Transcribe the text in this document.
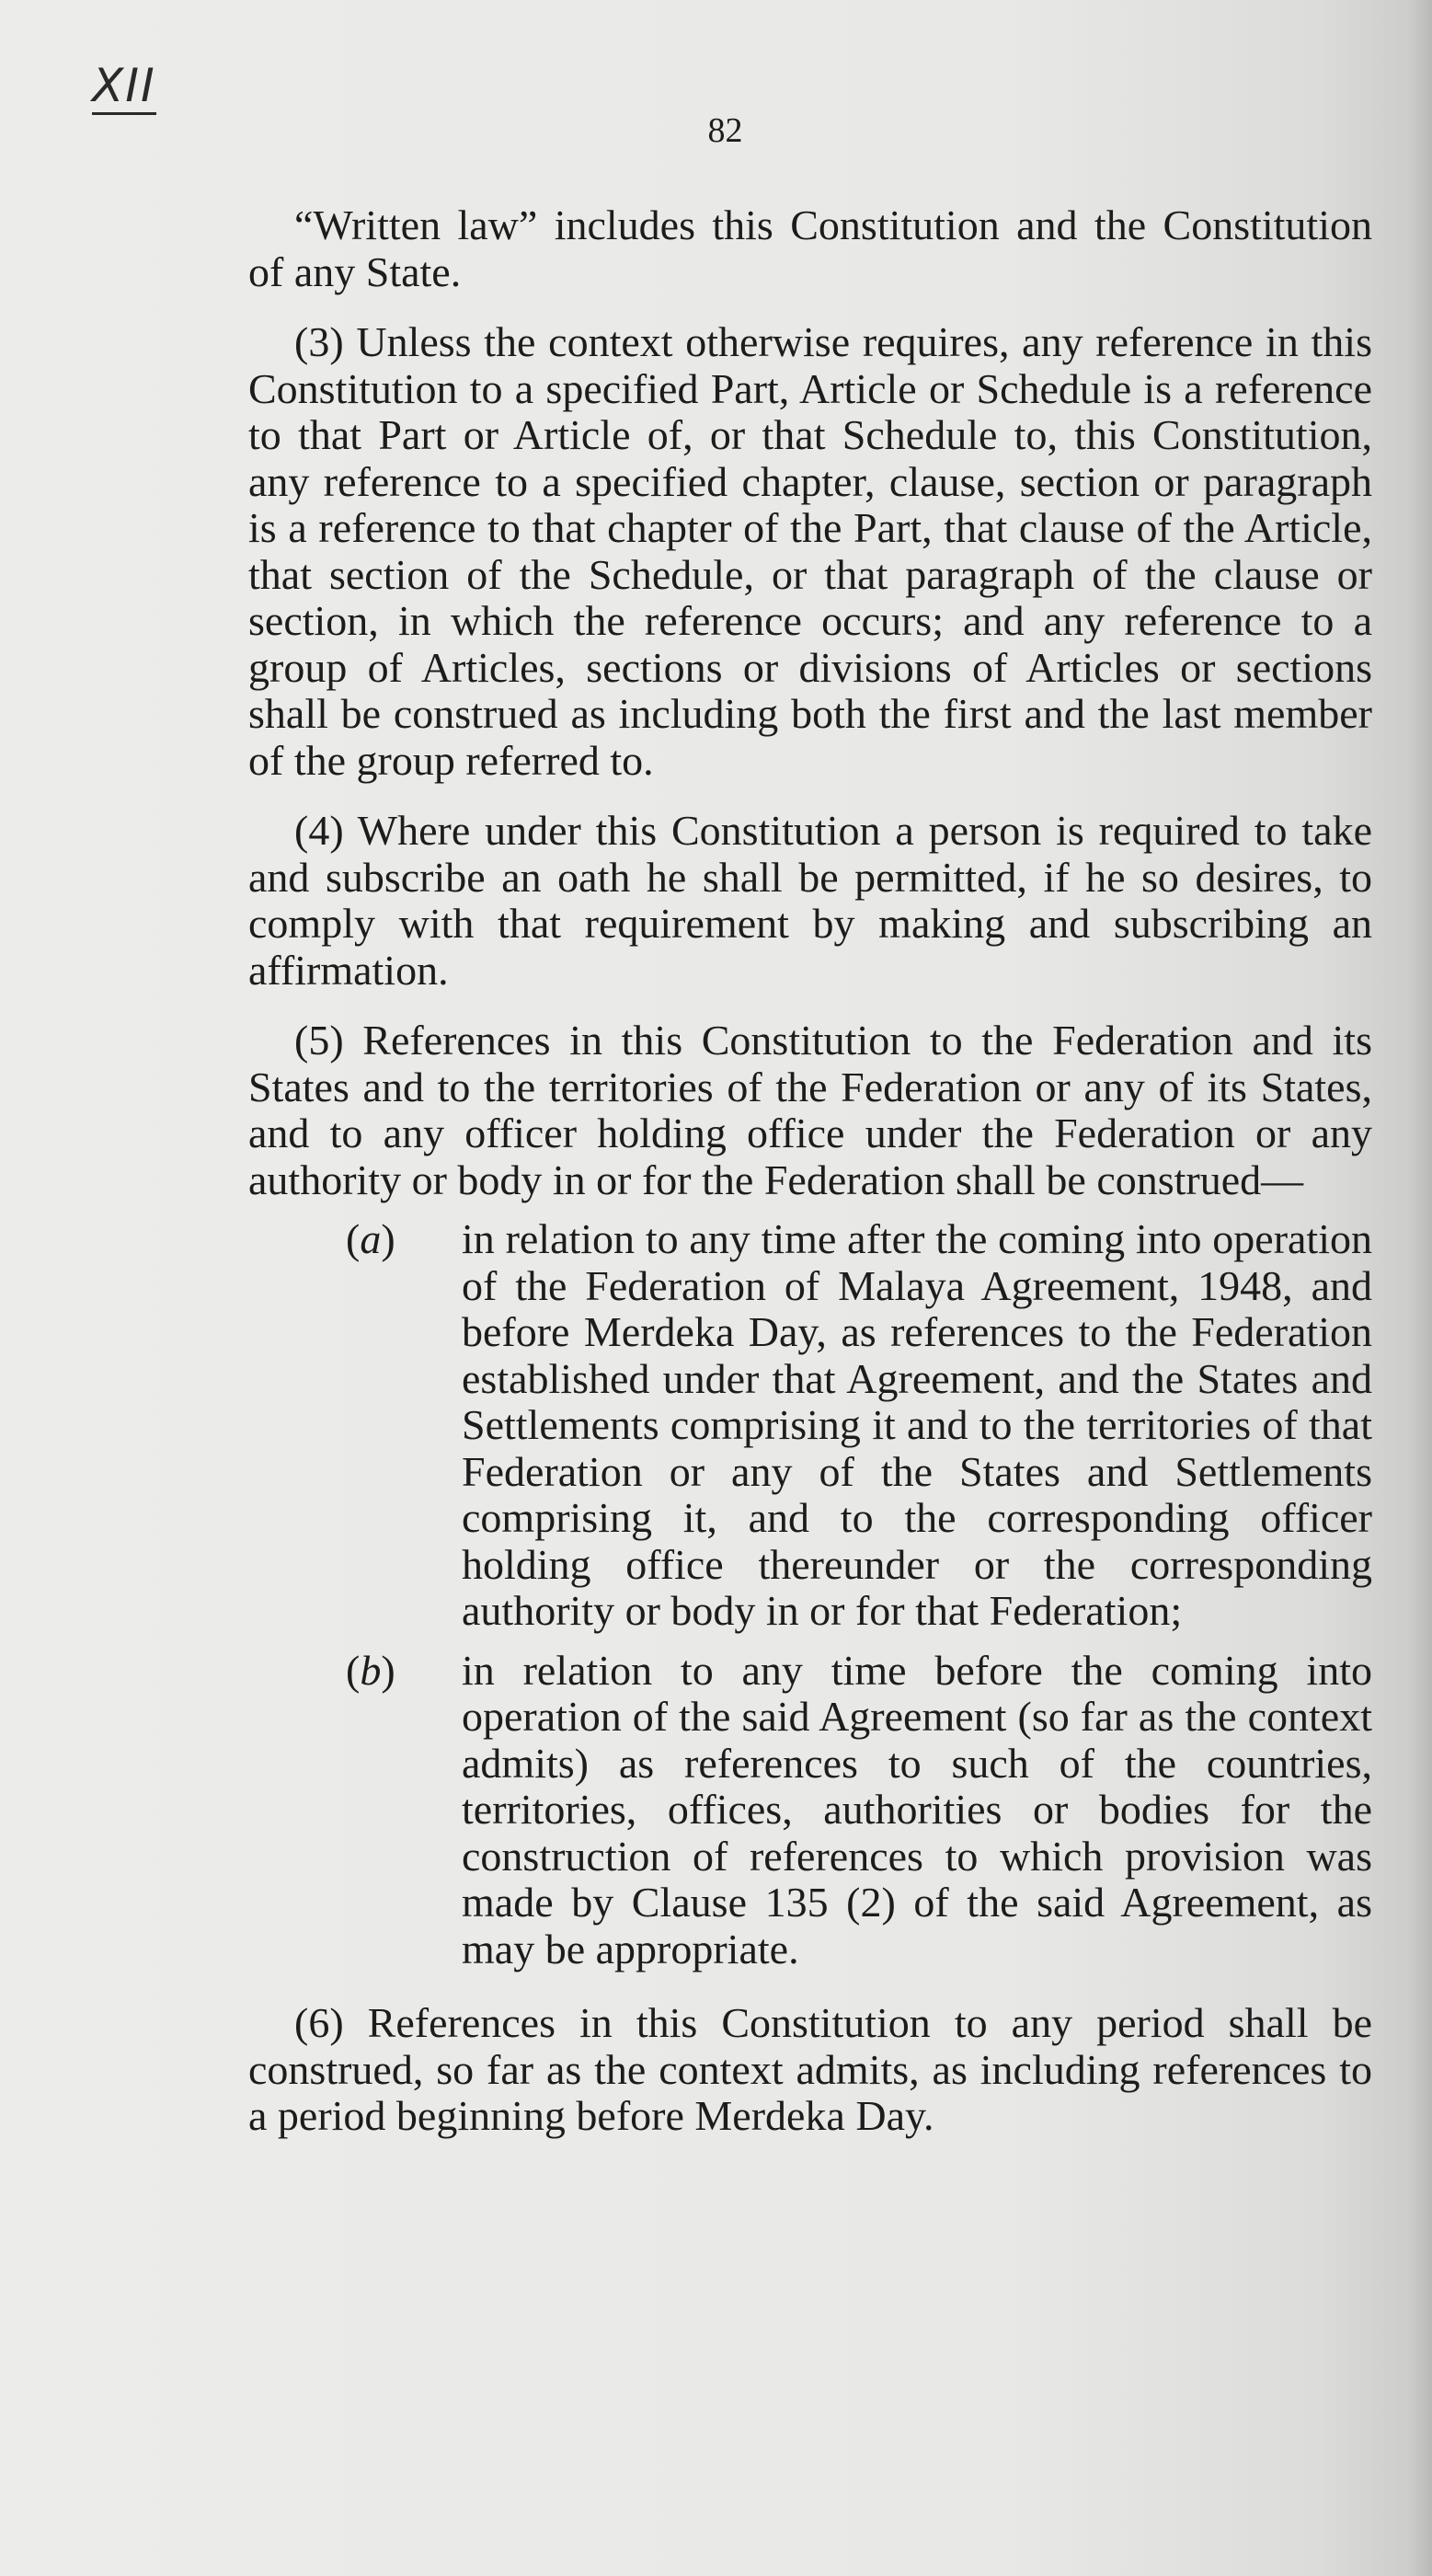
XII
82

“Written law” includes this Constitution and the Constitution of any State.

(3) Unless the context otherwise requires, any reference in this Constitution to a specified Part, Article or Schedule is a reference to that Part or Article of, or that Schedule to, this Constitution, any reference to a specified chapter, clause, section or paragraph is a reference to that chapter of the Part, that clause of the Article, that section of the Schedule, or that paragraph of the clause or section, in which the reference occurs; and any reference to a group of Articles, sections or divisions of Articles or sections shall be construed as including both the first and the last member of the group referred to.

(4) Where under this Constitution a person is required to take and subscribe an oath he shall be permitted, if he so desires, to comply with that requirement by making and subscribing an affirmation.

(5) References in this Constitution to the Federation and its States and to the territories of the Federation or any of its States, and to any officer holding office under the Federation or any authority or body in or for the Federation shall be construed—

(a) in relation to any time after the coming into operation of the Federation of Malaya Agreement, 1948, and before Merdeka Day, as references to the Federation established under that Agreement, and the States and Settlements comprising it and to the territories of that Federation or any of the States and Settlements comprising it, and to the corresponding officer holding office thereunder or the corresponding authority or body in or for that Federation;
(b) in relation to any time before the coming into operation of the said Agreement (so far as the context admits) as references to such of the countries, territories, offices, authorities or bodies for the construction of references to which provision was made by Clause 135 (2) of the said Agreement, as may be appropriate.

(6) References in this Constitution to any period shall be construed, so far as the context admits, as including references to a period beginning before Merdeka Day.
